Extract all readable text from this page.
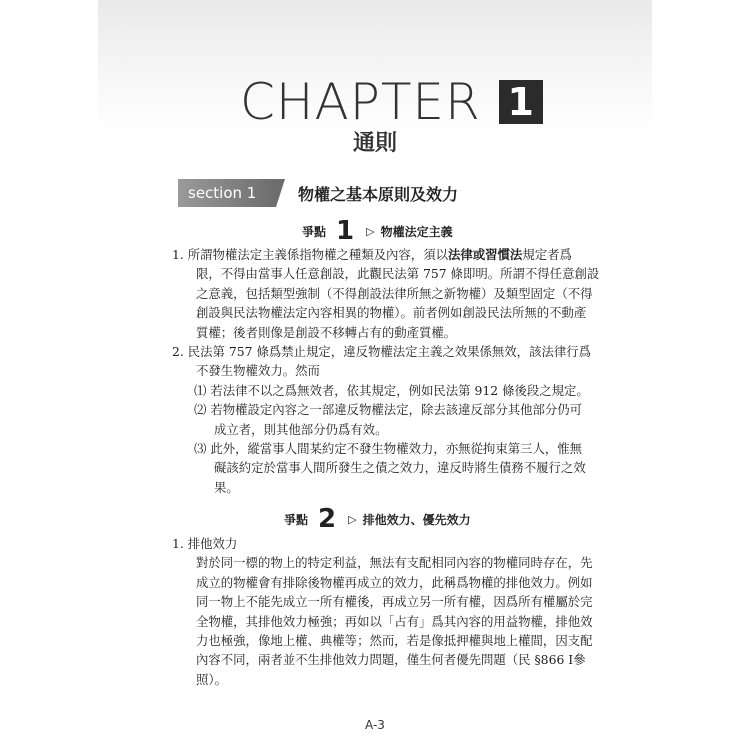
CHAPTER 1
通則
section 1	物權之基本原則及效力
爭點 1 ▷ 物權法定主義
1. 所謂物權法定主義係指物權之種類及內容，須以法律或習慣法規定者爲
限，不得由當事人任意創設，此觀民法第 757 條即明。所謂不得任意創設
之意義，包括類型強制（不得創設法律所無之新物權）及類型固定（不得
創設與民法物權法定內容相異的物權）。前者例如創設民法所無的不動產
質權；後者則像是創設不移轉占有的動產質權。
2. 民法第 757 條爲禁止規定，違反物權法定主義之效果係無效，該法律行爲
不發生物權效力。然而
⑴ 若法律不以之爲無效者，依其規定，例如民法第 912 條後段之規定。
⑵ 若物權設定內容之一部違反物權法定，除去該違反部分其他部分仍可
成立者，則其他部分仍爲有效。
⑶ 此外，縱當事人間某約定不發生物權效力，亦無從拘束第三人，惟無
礙該約定於當事人間所發生之債之效力，違反時將生債務不履行之效
果。
爭點 2 ▷ 排他效力、優先效力
1. 排他效力
對於同一標的物上的特定利益，無法有支配相同內容的物權同時存在，先
成立的物權會有排除後物權再成立的效力，此稱爲物權的排他效力。例如
同一物上不能先成立一所有權後，再成立另一所有權，因爲所有權屬於完
全物權，其排他效力極強；再如以「占有」爲其內容的用益物權，排他效
力也極強，像地上權、典權等；然而，若是像抵押權與地上權間，因支配
內容不同，兩者並不生排他效力問題，僅生何者優先問題（民 §866 Ⅰ參
照）。
A-3
